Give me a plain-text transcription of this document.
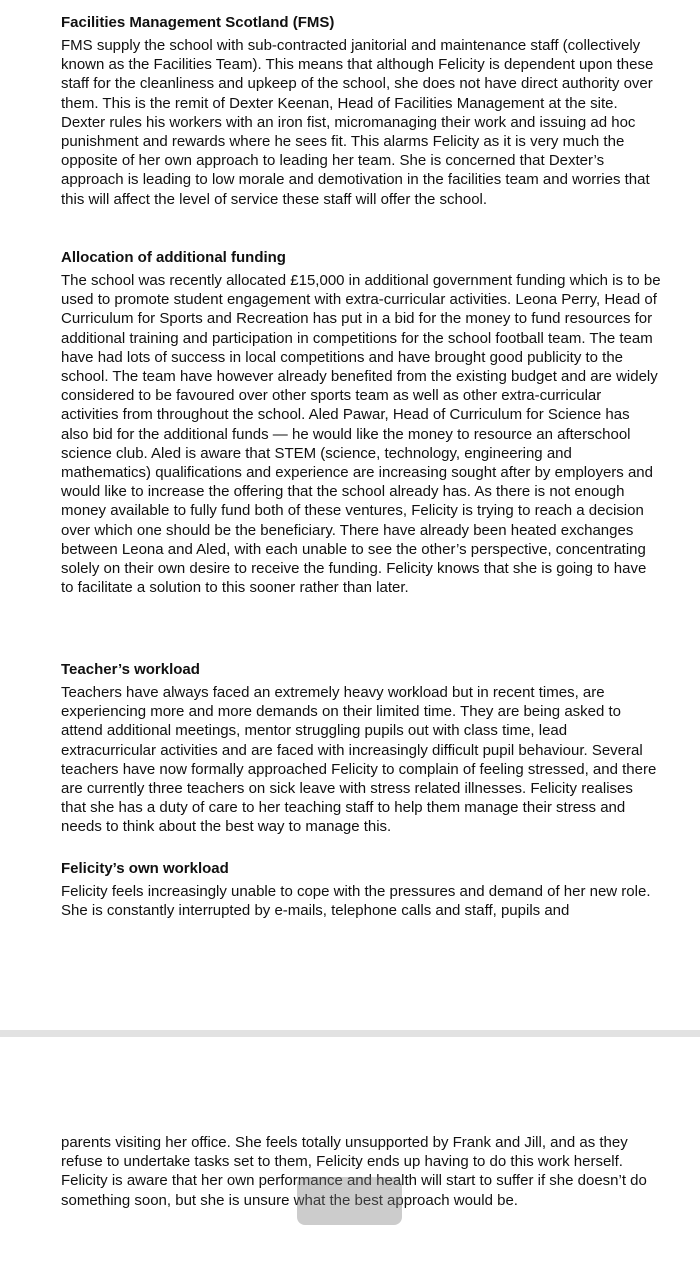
Facilities Management Scotland (FMS)

FMS supply the school with sub-contracted janitorial and maintenance staff (collectively known as the Facilities Team). This means that although Felicity is dependent upon these staff for the cleanliness and upkeep of the school, she does not have direct authority over them. This is the remit of Dexter Keenan, Head of Facilities Management at the site. Dexter rules his workers with an iron fist, micromanaging their work and issuing ad hoc punishment and rewards where he sees fit. This alarms Felicity as it is very much the opposite of her own approach to leading her team. She is concerned that Dexter’s approach is leading to low morale and demotivation in the facilities team and worries that this will affect the level of service these staff will offer the school.

Allocation of additional funding

The school was recently allocated £15,000 in additional government funding which is to be used to promote student engagement with extra-curricular activities. Leona Perry, Head of Curriculum for Sports and Recreation has put in a bid for the money to fund resources for additional training and participation in competitions for the school football team. The team have had lots of success in local competitions and have brought good publicity to the school. The team have however already benefited from the existing budget and are widely considered to be favoured over other sports team as well as other extra-curricular activities from throughout the school. Aled Pawar, Head of Curriculum for Science has also bid for the additional funds — he would like the money to resource an afterschool science club. Aled is aware that STEM (science, technology, engineering and mathematics) qualifications and experience are increasing sought after by employers and would like to increase the offering that the school already has. As there is not enough money available to fully fund both of these ventures, Felicity is trying to reach a decision over which one should be the beneficiary. There have already been heated exchanges between Leona and Aled, with each unable to see the other’s perspective, concentrating solely on their own desire to receive the funding. Felicity knows that she is going to have to facilitate a solution to this sooner rather than later.

Teacher’s workload

Teachers have always faced an extremely heavy workload but in recent times, are experiencing more and more demands on their limited time. They are being asked to attend additional meetings, mentor struggling pupils out with class time, lead extracurricular activities and are faced with increasingly difficult pupil behaviour. Several teachers have now formally approached Felicity to complain of feeling stressed, and there are currently three teachers on sick leave with stress related illnesses. Felicity realises that she has a duty of care to her teaching staff to help them manage their stress and needs to think about the best way to manage this.

Felicity’s own workload

Felicity feels increasingly unable to cope with the pressures and demand of her new role. She is constantly interrupted by e-mails, telephone calls and staff, pupils and

parents visiting her office. She feels totally unsupported by Frank and Jill, and as they refuse to undertake tasks set to them, Felicity ends up having to do this work herself. Felicity is aware that her own performance and health will start to suffer if she doesn’t do something soon, but she is unsure what the best approach would be.
